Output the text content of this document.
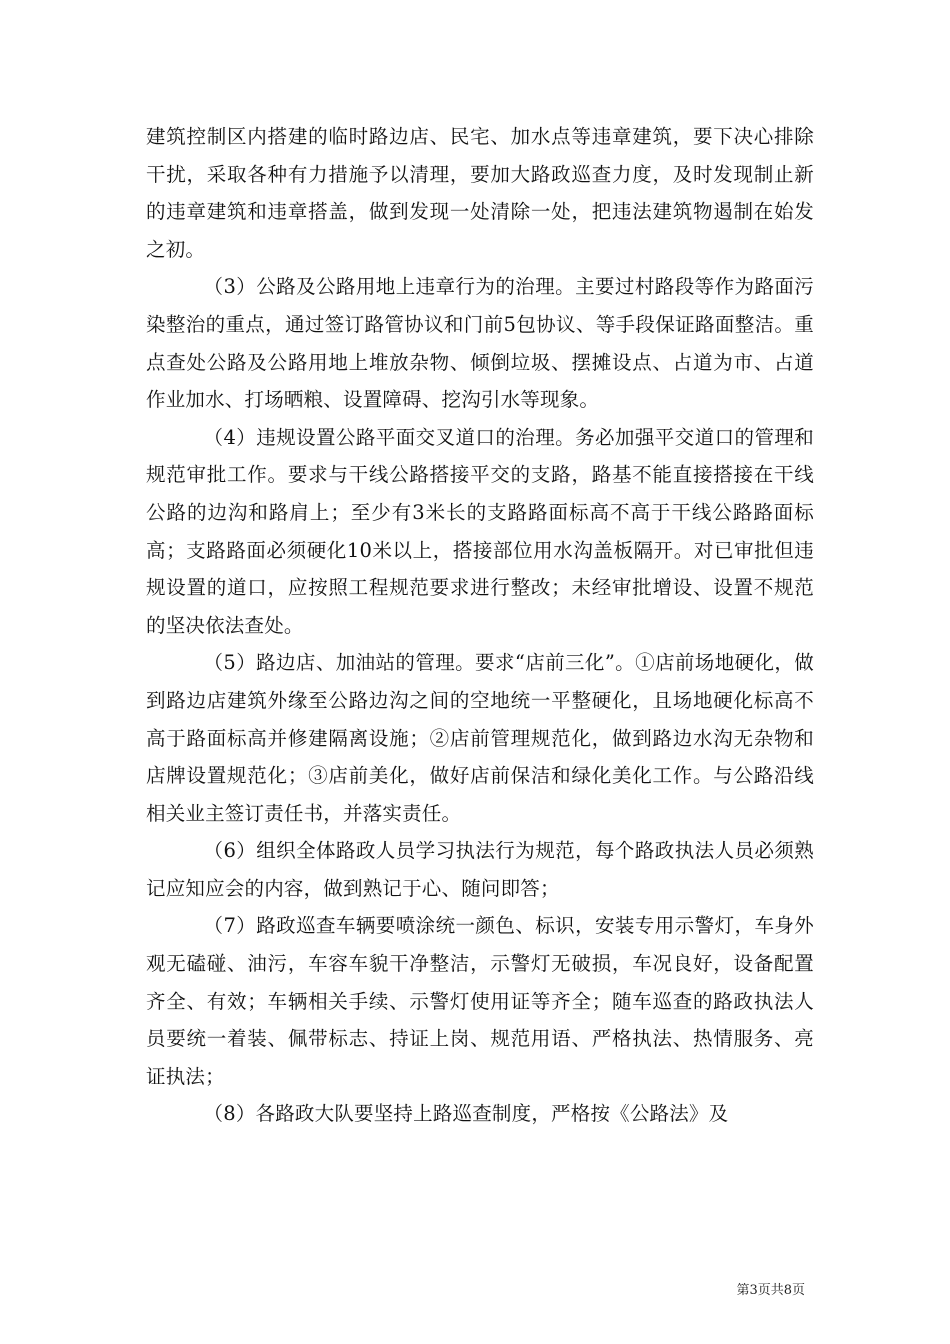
建筑控制区内搭建的临时路边店、民宅、加水点等违章建筑，要下决心排除干扰，采取各种有力措施予以清理，要加大路政巡查力度，及时发现制止新的违章建筑和违章搭盖，做到发现一处清除一处，把违法建筑物遏制在始发之初。

（3）公路及公路用地上违章行为的治理。主要过村路段等作为路面污染整治的重点，通过签订路管协议和门前5包协议、等手段保证路面整洁。重点查处公路及公路用地上堆放杂物、倾倒垃圾、摆摊设点、占道为市、占道作业加水、打场晒粮、设置障碍、挖沟引水等现象。

（4）违规设置公路平面交叉道口的治理。务必加强平交道口的管理和规范审批工作。要求与干线公路搭接平交的支路，路基不能直接搭接在干线公路的边沟和路肩上；至少有3米长的支路路面标高不高于干线公路路面标高；支路路面必须硬化10米以上，搭接部位用水沟盖板隔开。对已审批但违规设置的道口，应按照工程规范要求进行整改；未经审批增设、设置不规范的坚决依法查处。

（5）路边店、加油站的管理。要求“店前三化”。①店前场地硬化，做到路边店建筑外缘至公路边沟之间的空地统一平整硬化，且场地硬化标高不高于路面标高并修建隔离设施；②店前管理规范化，做到路边水沟无杂物和店牌设置规范化；③店前美化，做好店前保洁和绿化美化工作。与公路沿线相关业主签订责任书，并落实责任。

（6）组织全体路政人员学习执法行为规范，每个路政执法人员必须熟记应知应会的内容，做到熟记于心、随问即答；

（7）路政巡查车辆要喷涂统一颜色、标识，安装专用示警灯，车身外观无磕碰、油污，车容车貌干净整洁，示警灯无破损，车况良好，设备配置齐全、有效；车辆相关手续、示警灯使用证等齐全；随车巡查的路政执法人员要统一着装、佩带标志、持证上岗、规范用语、严格执法、热情服务、亮证执法；

（8）各路政大队要坚持上路巡查制度，严格按《公路法》及

第3页共8页
